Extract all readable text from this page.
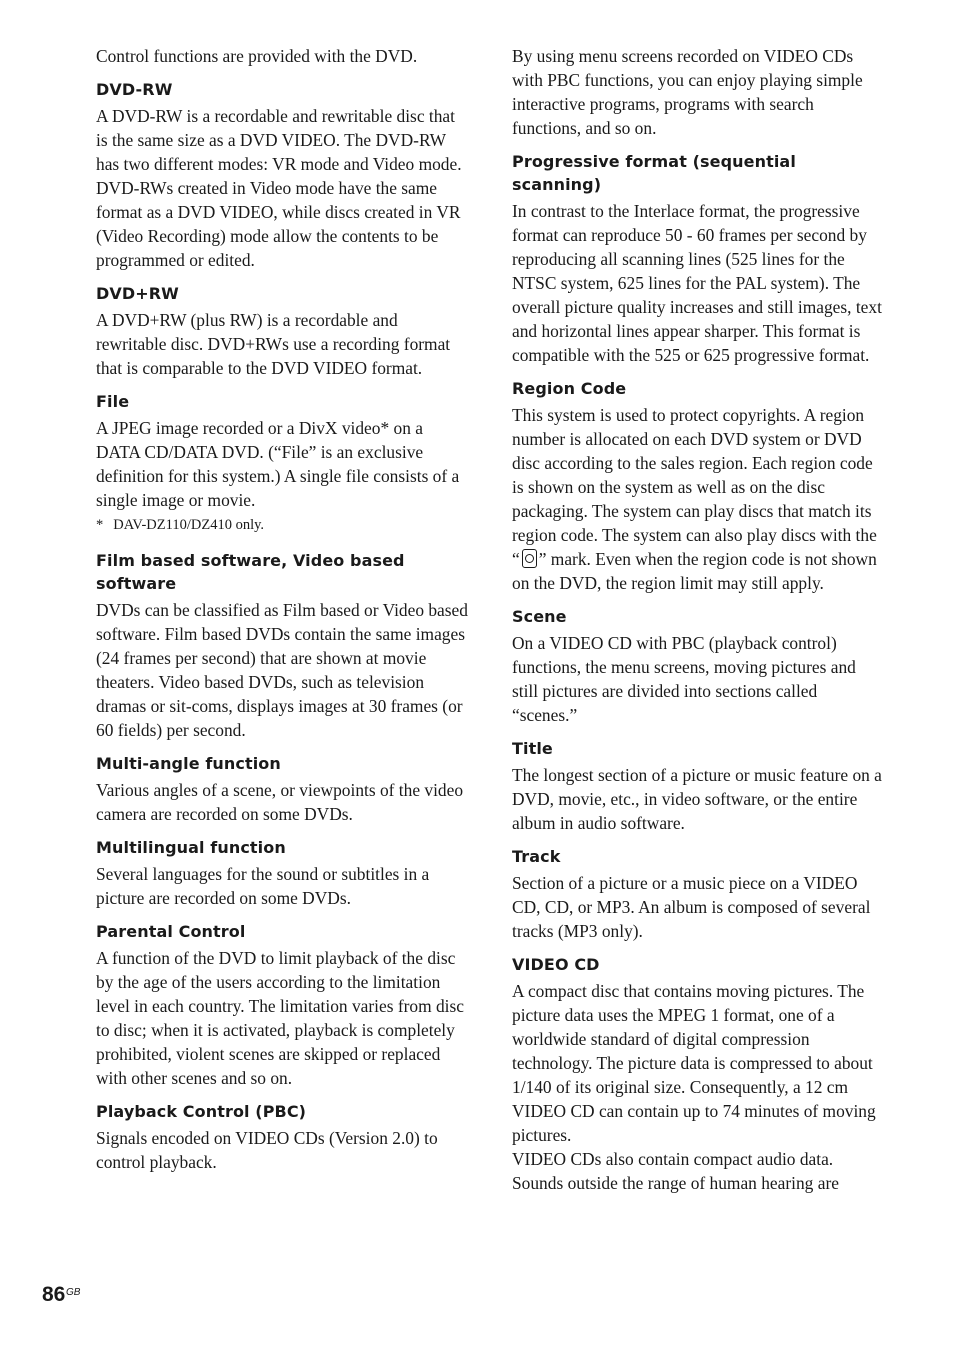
Control functions are provided with the DVD.

DVD-RW

A DVD-RW is a recordable and rewritable disc that is the same size as a DVD VIDEO. The DVD-RW has two different modes: VR mode and Video mode. DVD-RWs created in Video mode have the same format as a DVD VIDEO, while discs created in VR (Video Recording) mode allow the contents to be programmed or edited.

DVD+RW

A DVD+RW (plus RW) is a recordable and rewritable disc. DVD+RWs use a recording format that is comparable to the DVD VIDEO format.

File

A JPEG image recorded or a DivX video* on a DATA CD/DATA DVD. (“File” is an exclusive definition for this system.) A single file consists of a single image or movie.

* DAV-DZ110/DZ410 only.

Film based software, Video based software

DVDs can be classified as Film based or Video based software. Film based DVDs contain the same images (24 frames per second) that are shown at movie theaters. Video based DVDs, such as television dramas or sit-coms, displays images at 30 frames (or 60 fields) per second.

Multi-angle function

Various angles of a scene, or viewpoints of the video camera are recorded on some DVDs.

Multilingual function

Several languages for the sound or subtitles in a picture are recorded on some DVDs.

Parental Control

A function of the DVD to limit playback of the disc by the age of the users according to the limitation level in each country. The limitation varies from disc to disc; when it is activated, playback is completely prohibited, violent scenes are skipped or replaced with other scenes and so on.

Playback Control (PBC)

Signals encoded on VIDEO CDs (Version 2.0) to control playback.

By using menu screens recorded on VIDEO CDs with PBC functions, you can enjoy playing simple interactive programs, programs with search functions, and so on.

Progressive format (sequential scanning)

In contrast to the Interlace format, the progressive format can reproduce 50 - 60 frames per second by reproducing all scanning lines (525 lines for the NTSC system, 625 lines for the PAL system). The overall picture quality increases and still images, text and horizontal lines appear sharper. This format is compatible with the 525 or 625 progressive format.

Region Code

This system is used to protect copyrights. A region number is allocated on each DVD system or DVD disc according to the sales region. Each region code is shown on the system as well as on the disc packaging. The system can play discs that match its region code. The system can also play discs with the “ ” mark. Even when the region code is not shown on the DVD, the region limit may still apply.

Scene

On a VIDEO CD with PBC (playback control) functions, the menu screens, moving pictures and still pictures are divided into sections called “scenes.”

Title

The longest section of a picture or music feature on a DVD, movie, etc., in video software, or the entire album in audio software.

Track

Section of a picture or a music piece on a VIDEO CD, CD, or MP3. An album is composed of several tracks (MP3 only).

VIDEO CD

A compact disc that contains moving pictures. The picture data uses the MPEG 1 format, one of a worldwide standard of digital compression technology. The picture data is compressed to about 1/140 of its original size. Consequently, a 12 cm VIDEO CD can contain up to 74 minutes of moving pictures.

VIDEO CDs also contain compact audio data. Sounds outside the range of human hearing are

86 GB
